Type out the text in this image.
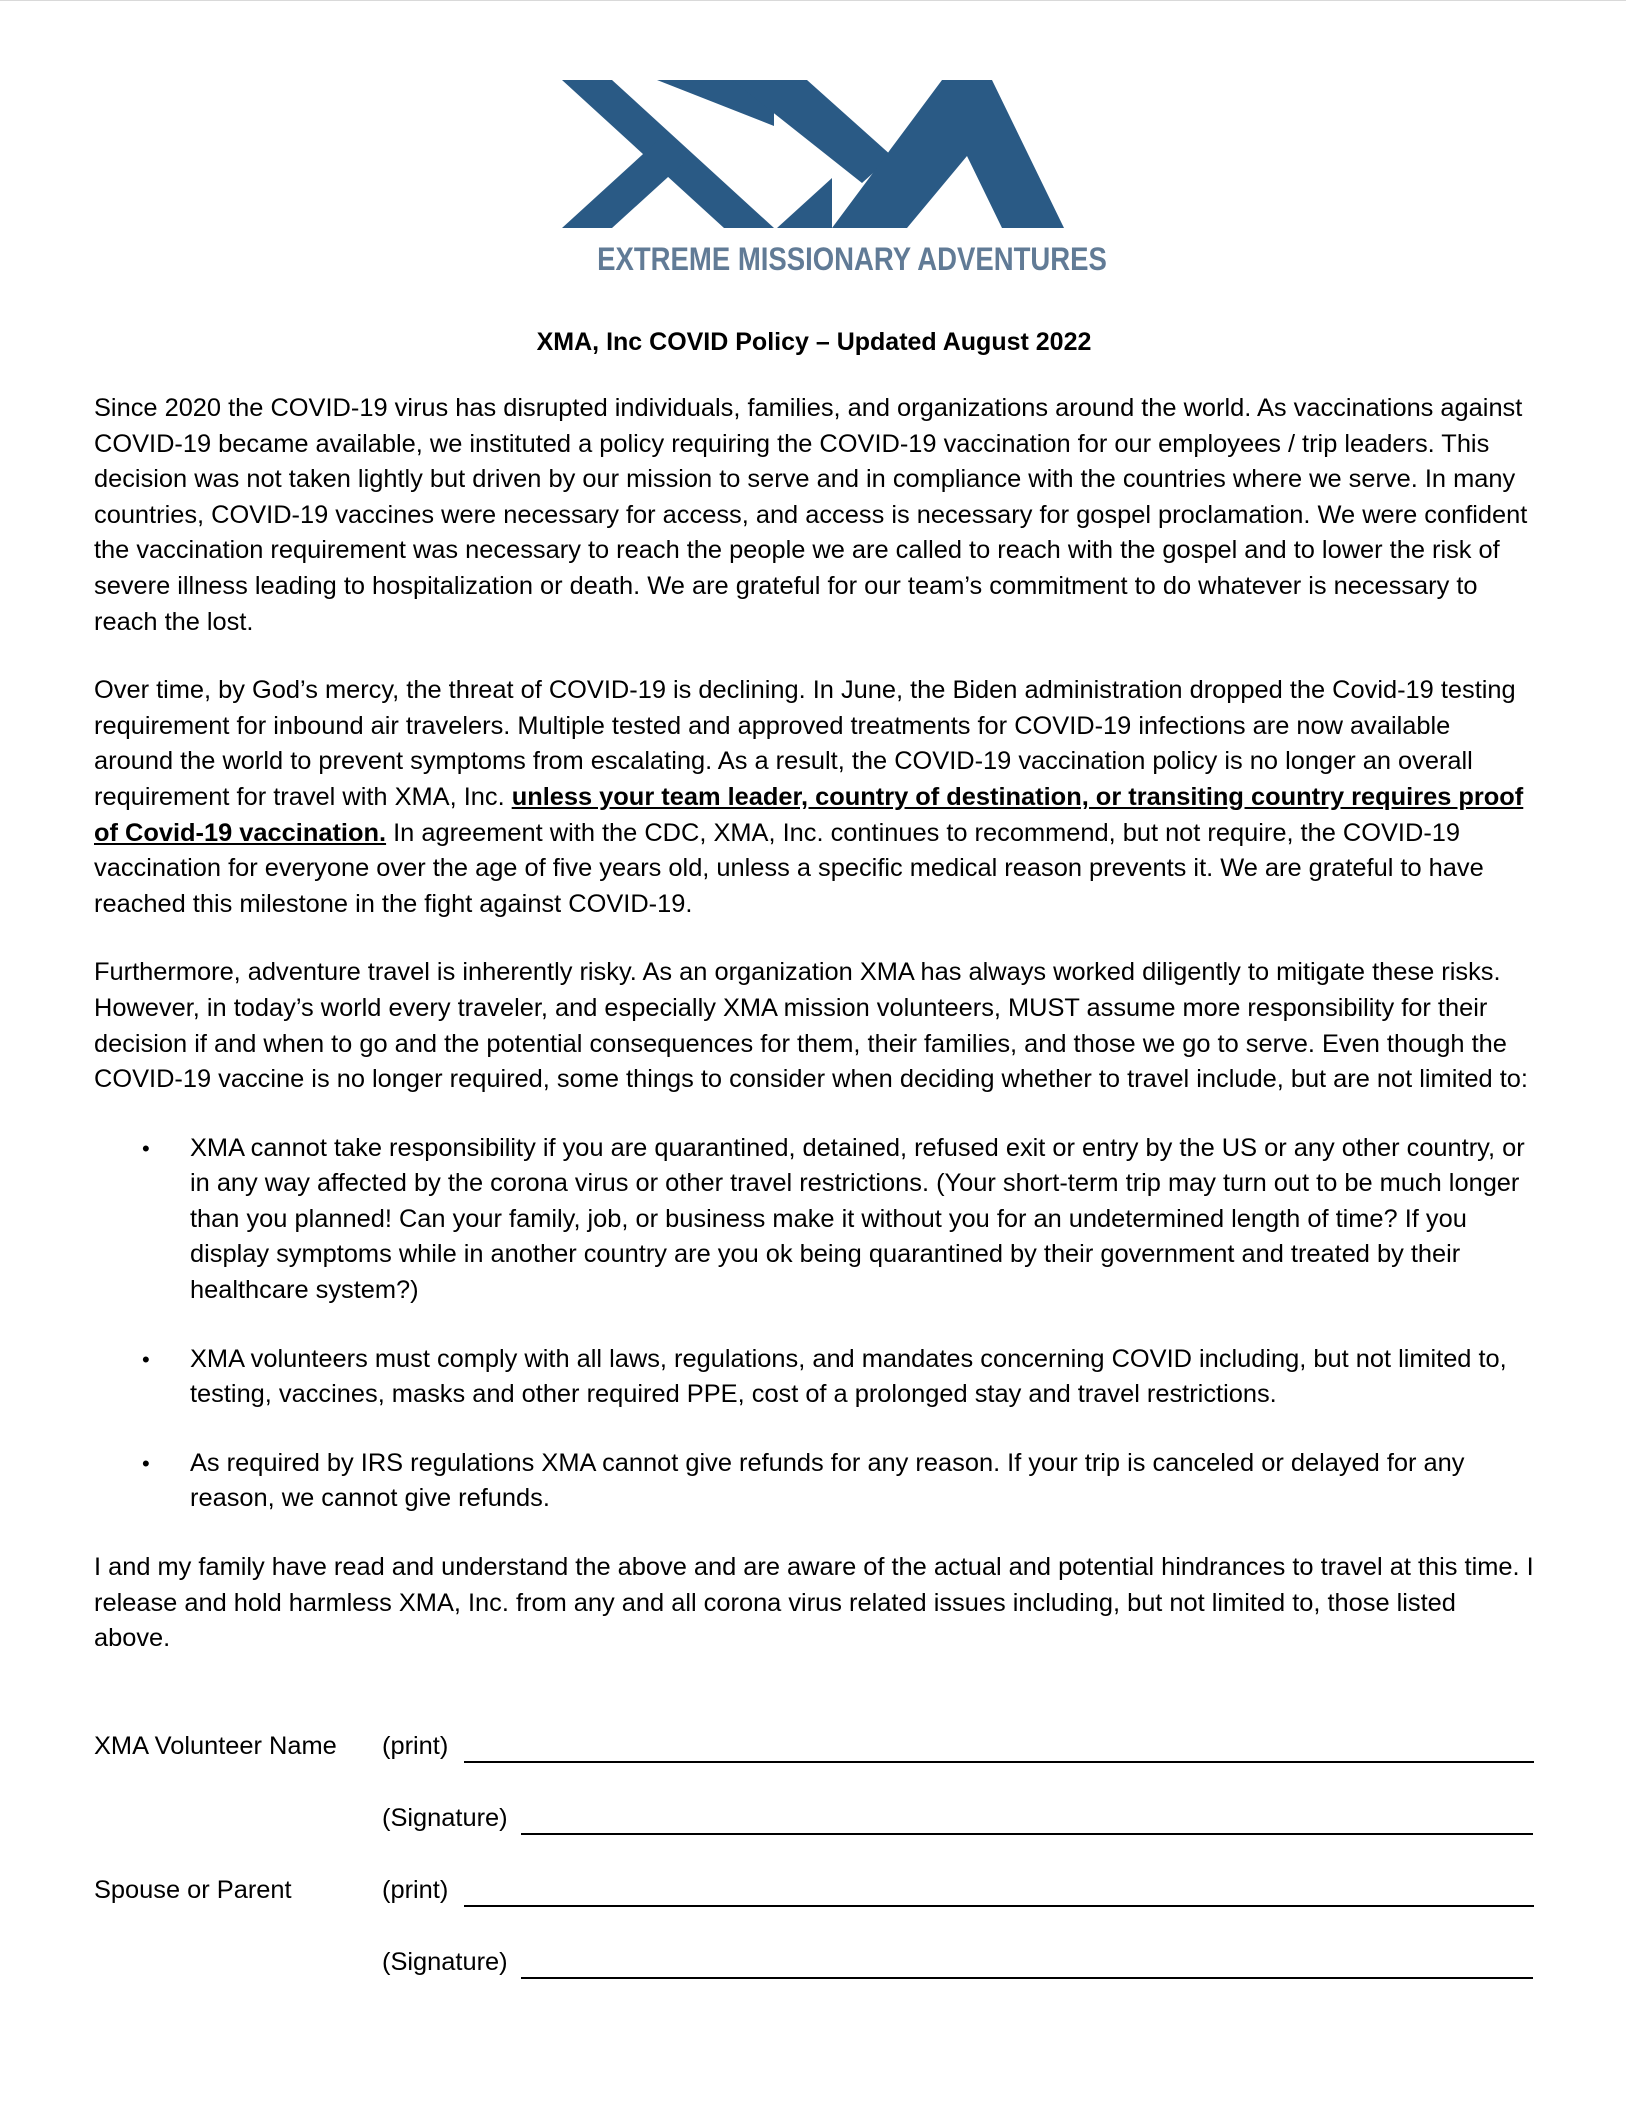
EXTREME MISSIONARY ADVENTURES
XMA, Inc COVID Policy – Updated August 2022

Since 2020 the COVID-19 virus has disrupted individuals, families, and organizations around the world. As vaccinations against COVID-19 became available, we instituted a policy requiring the COVID-19 vaccination for our employees / trip leaders. This decision was not taken lightly but driven by our mission to serve and in compliance with the countries where we serve. In many countries, COVID-19 vaccines were necessary for access, and access is necessary for gospel proclamation. We were confident the vaccination requirement was necessary to reach the people we are called to reach with the gospel and to lower the risk of severe illness leading to hospitalization or death. We are grateful for our team’s commitment to do whatever is necessary to reach the lost.

Over time, by God’s mercy, the threat of COVID-19 is declining. In June, the Biden administration dropped the Covid-19 testing requirement for inbound air travelers. Multiple tested and approved treatments for COVID-19 infections are now available around the world to prevent symptoms from escalating. As a result, the COVID-19 vaccination policy is no longer an overall requirement for travel with XMA, Inc. unless your team leader, country of destination, or transiting country requires proof of Covid-19 vaccination. In agreement with the CDC, XMA, Inc. continues to recommend, but not require, the COVID-19 vaccination for everyone over the age of five years old, unless a specific medical reason prevents it. We are grateful to have reached this milestone in the fight against COVID-19.

Furthermore, adventure travel is inherently risky. As an organization XMA has always worked diligently to mitigate these risks. However, in today’s world every traveler, and especially XMA mission volunteers, MUST assume more responsibility for their decision if and when to go and the potential consequences for them, their families, and those we go to serve. Even though the COVID-19 vaccine is no longer required, some things to consider when deciding whether to travel include, but are not limited to:

• XMA cannot take responsibility if you are quarantined, detained, refused exit or entry by the US or any other country, or in any way affected by the corona virus or other travel restrictions. (Your short-term trip may turn out to be much longer than you planned! Can your family, job, or business make it without you for an undetermined length of time? If you display symptoms while in another country are you ok being quarantined by their government and treated by their healthcare system?)
• XMA volunteers must comply with all laws, regulations, and mandates concerning COVID including, but not limited to, testing, vaccines, masks and other required PPE, cost of a prolonged stay and travel restrictions.
• As required by IRS regulations XMA cannot give refunds for any reason. If your trip is canceled or delayed for any reason, we cannot give refunds.

I and my family have read and understand the above and are aware of the actual and potential hindrances to travel at this time. I release and hold harmless XMA, Inc. from any and all corona virus related issues including, but not limited to, those listed above.

XMA Volunteer Name (print)
(Signature)
Spouse or Parent	(print)
(Signature)
